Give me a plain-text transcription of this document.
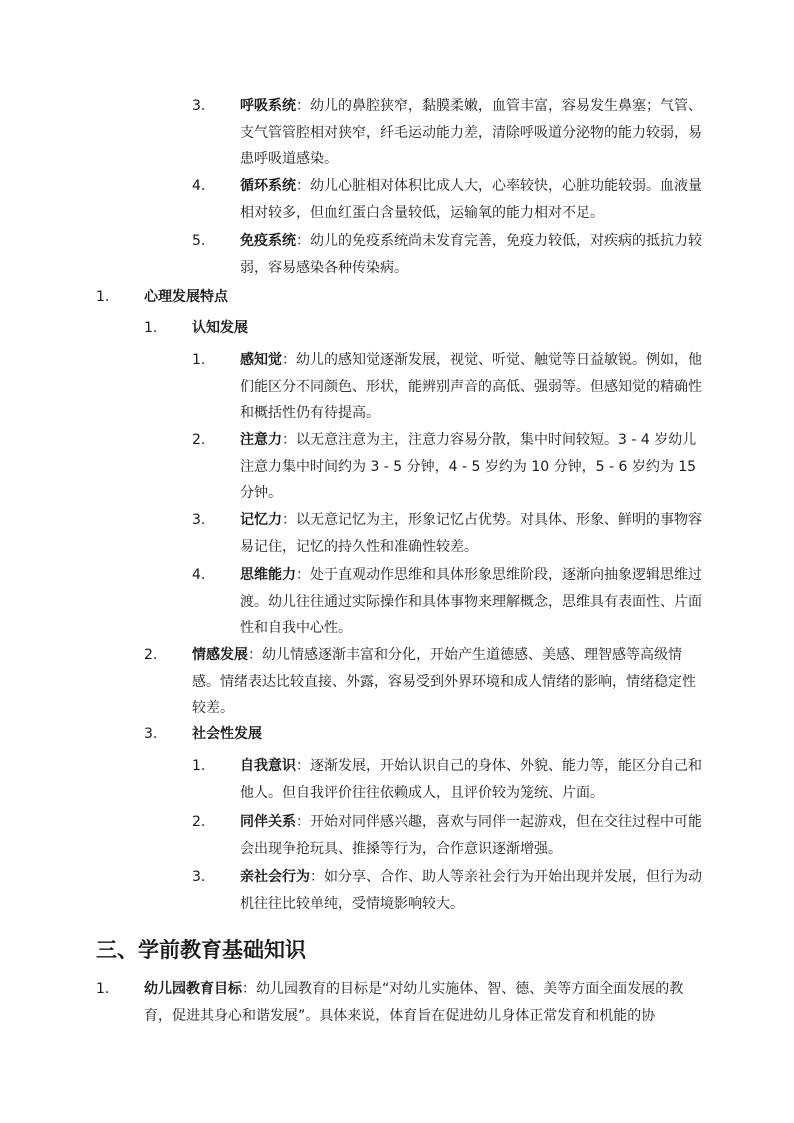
3. 呼吸系统：幼儿的鼻腔狭窄，黏膜柔嫩，血管丰富，容易发生鼻塞；气管、支气管管腔相对狭窄，纤毛运动能力差，清除呼吸道分泌物的能力较弱，易患呼吸道感染。
4. 循环系统：幼儿心脏相对体积比成人大，心率较快，心脏功能较弱。血液量相对较多，但血红蛋白含量较低，运输氧的能力相对不足。
5. 免疫系统：幼儿的免疫系统尚未发育完善，免疫力较低，对疾病的抵抗力较弱，容易感染各种传染病。
1. 心理发展特点
1. 认知发展
1. 感知觉：幼儿的感知觉逐渐发展，视觉、听觉、触觉等日益敏锐。例如，他们能区分不同颜色、形状，能辨别声音的高低、强弱等。但感知觉的精确性和概括性仍有待提高。
2. 注意力：以无意注意为主，注意力容易分散，集中时间较短。3 - 4 岁幼儿注意力集中时间约为 3 - 5 分钟，4 - 5 岁约为 10 分钟，5 - 6 岁约为 15 分钟。
3. 记忆力：以无意记忆为主，形象记忆占优势。对具体、形象、鲜明的事物容易记住，记忆的持久性和准确性较差。
4. 思维能力：处于直观动作思维和具体形象思维阶段，逐渐向抽象逻辑思维过渡。幼儿往往通过实际操作和具体事物来理解概念，思维具有表面性、片面性和自我中心性。
2. 情感发展：幼儿情感逐渐丰富和分化，开始产生道德感、美感、理智感等高级情感。情绪表达比较直接、外露，容易受到外界环境和成人情绪的影响，情绪稳定性较差。
3. 社会性发展
1. 自我意识：逐渐发展，开始认识自己的身体、外貌、能力等，能区分自己和他人。但自我评价往往依赖成人，且评价较为笼统、片面。
2. 同伴关系：开始对同伴感兴趣，喜欢与同伴一起游戏，但在交往过程中可能会出现争抢玩具、推搡等行为，合作意识逐渐增强。
3. 亲社会行为：如分享、合作、助人等亲社会行为开始出现并发展，但行为动机往往比较单纯，受情境影响较大。
三、学前教育基础知识
1. 幼儿园教育目标：幼儿园教育的目标是“对幼儿实施体、智、德、美等方面全面发展的教育，促进其身心和谐发展”。具体来说，体育旨在促进幼儿身体正常发育和机能的协
